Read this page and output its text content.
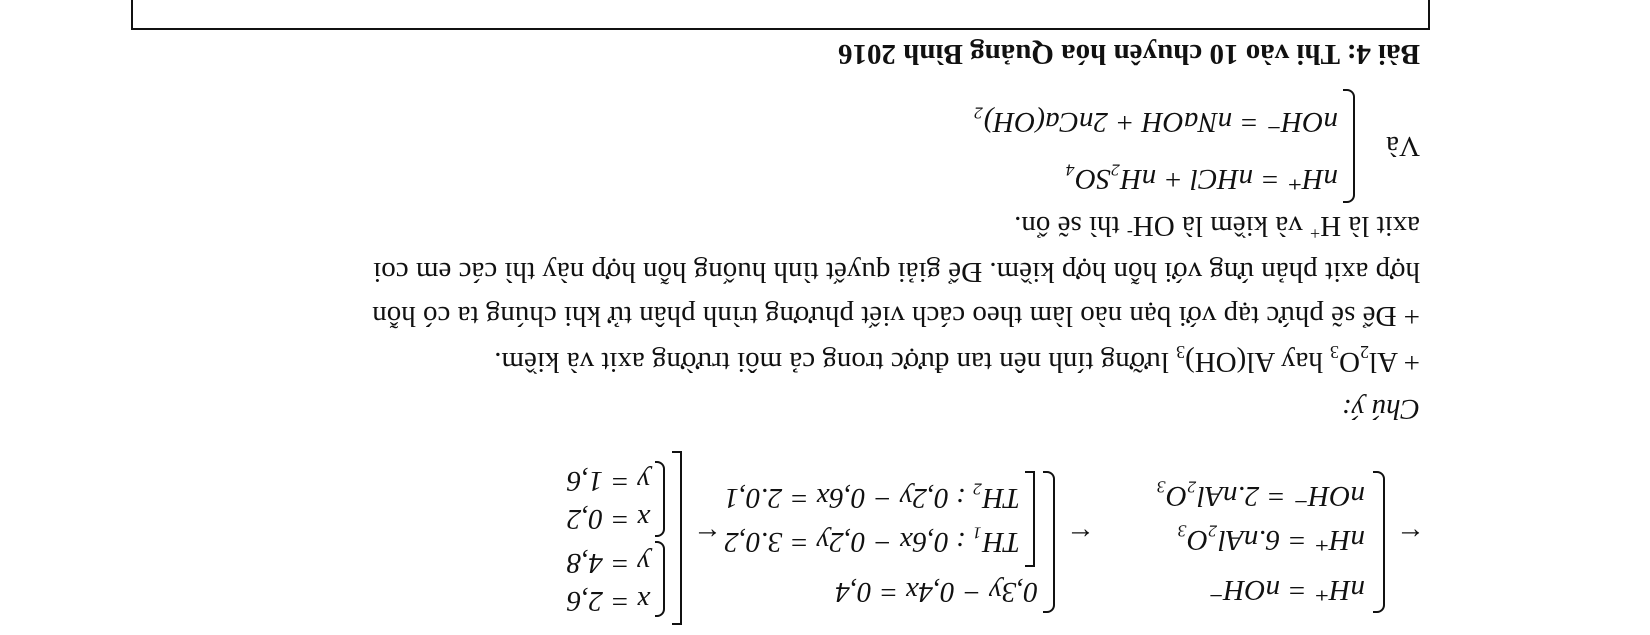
←
nH⁺ = nOH⁻
nH⁺ = 6.nAl₂O₃
nOH⁻ = 2.nAl₂O₃
←
0,3y − 0,4x = 0,4
TH₁ : 0,6x − 0,2y = 3.0,2
TH₂ : 0,2y − 0,6x = 2.0,1
←
x = 2,6
y = 4,8
x = 0,2
y = 1,6
Chú ý:
+ $Al_2O_3$ hay $Al(OH)_3$ lưỡng tính nên tan được trong cả môi trường axit và kiềm.
+ Để sẽ phức tạp với bạn nào làm theo cách viết phương trình phân tử khi chúng ta có hỗn
hợp axit phản ứng với hỗn hợp kiềm. Để giải quyết tình huống hỗn hợp này thì các em coi
axit là H+ và kiềm là OH- thì sẽ ổn.
Và
nH⁺ = nHCl + nH₂SO₄
nOH⁻ = nNaOH + 2nCa(OH)₂
Bài 4: Thi vào 10 chuyên hóa Quảng Bình 2016
